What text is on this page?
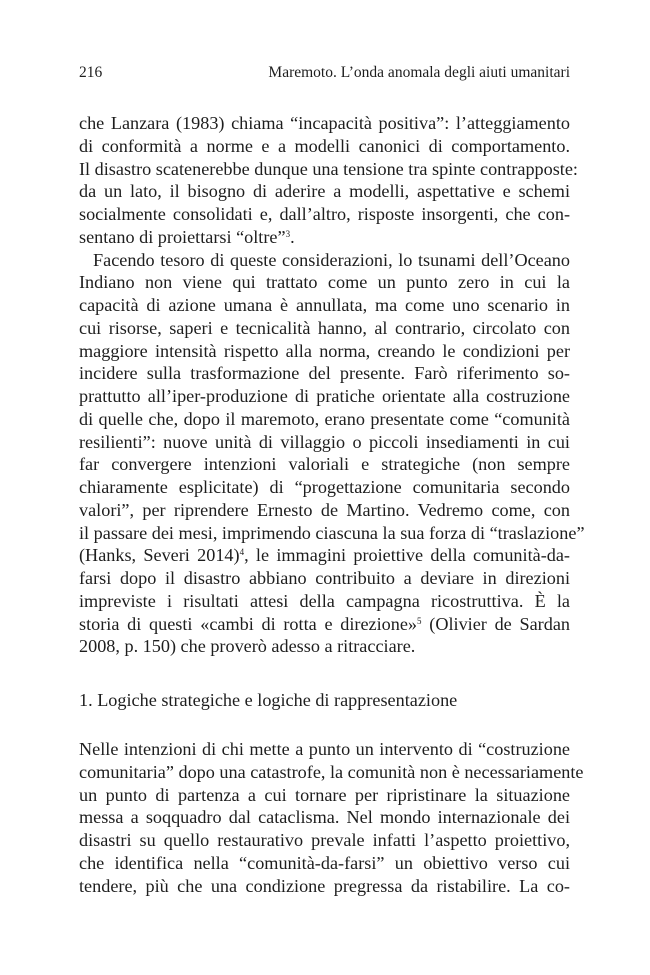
216	Maremoto. L’onda anomala degli aiuti umanitari
che Lanzara (1983) chiama “incapacità positiva”: l’atteggiamento
di conformità a norme e a modelli canonici di comportamento.
Il disastro scatenerebbe dunque una tensione tra spinte contrapposte:
da un lato, il bisogno di aderire a modelli, aspettative e schemi
socialmente consolidati e, dall’altro, risposte insorgenti, che con-
sentano di proiettarsi “oltre”$^3$.
Facendo tesoro di queste considerazioni, lo tsunami dell’Oceano
Indiano non viene qui trattato come un punto zero in cui la
capacità di azione umana è annullata, ma come uno scenario in
cui risorse, saperi e tecnicalità hanno, al contrario, circolato con
maggiore intensità rispetto alla norma, creando le condizioni per
incidere sulla trasformazione del presente. Farò riferimento so-
prattutto all’iper-produzione di pratiche orientate alla costruzione
di quelle che, dopo il maremoto, erano presentate come “comunità
resilienti”: nuove unità di villaggio o piccoli insediamenti in cui
far convergere intenzioni valoriali e strategiche (non sempre
chiaramente esplicitate) di “progettazione comunitaria secondo
valori”, per riprendere Ernesto de Martino. Vedremo come, con
il passare dei mesi, imprimendo ciascuna la sua forza di “traslazione”
(Hanks, Severi 2014)$^4$, le immagini proiettive della comunità-da-
farsi dopo il disastro abbiano contribuito a deviare in direzioni
impreviste i risultati attesi della campagna ricostruttiva. È la
storia di questi «cambi di rotta e direzione»$^5$ (Olivier de Sardan
2008, p. 150) che proverò adesso a ritracciare.
1. Logiche strategiche e logiche di rappresentazione
Nelle intenzioni di chi mette a punto un intervento di “costruzione
comunitaria” dopo una catastrofe, la comunità non è necessariamente
un punto di partenza a cui tornare per ripristinare la situazione
messa a soqquadro dal cataclisma. Nel mondo internazionale dei
disastri su quello restaurativo prevale infatti l’aspetto proiettivo,
che identifica nella “comunità-da-farsi” un obiettivo verso cui
tendere, più che una condizione pregressa da ristabilire. La co-
